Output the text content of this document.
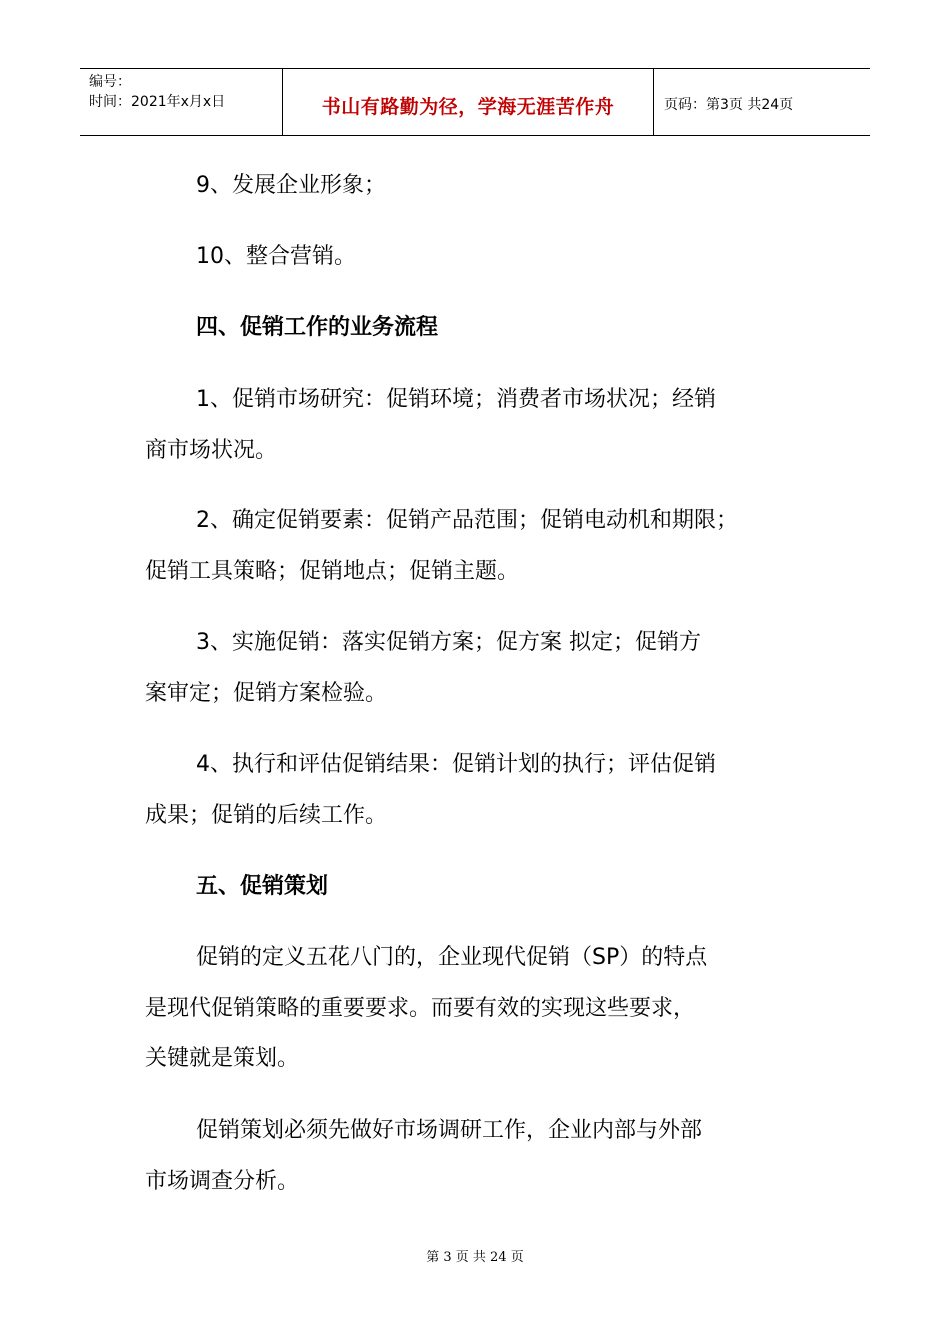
编号：
时间：2021年x月x日	书山有路勤为径，学海无涯苦作舟	页码：第3页 共24页
9、发展企业形象；
10、整合营销。
四、促销工作的业务流程
1、促销市场研究：促销环境；消费者市场状况；经销
商市场状况。
2、确定促销要素：促销产品范围；促销电动机和期限；
促销工具策略；促销地点；促销主题。
3、实施促销：落实促销方案；促方案 拟定；促销方
案审定；促销方案检验。
4、执行和评估促销结果：促销计划的执行；评估促销
成果；促销的后续工作。
五、促销策划
促销的定义五花八门的，企业现代促销（SP）的特点
是现代促销策略的重要要求。而要有效的实现这些要求，
关键就是策划。
促销策划必须先做好市场调研工作，企业内部与外部
市场调查分析。
第 3 页 共 24 页
